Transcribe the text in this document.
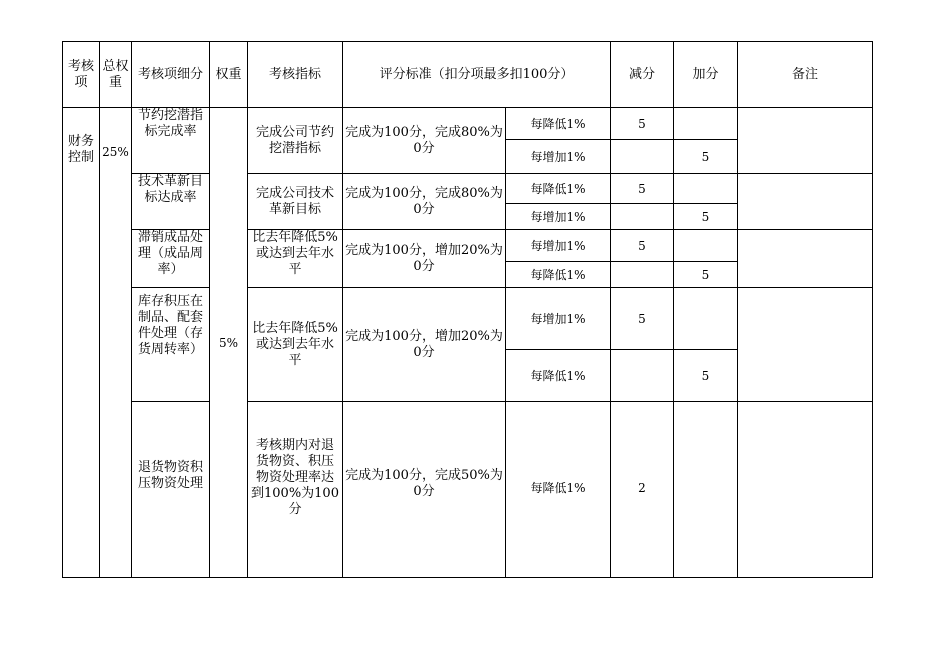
考核项	总权重	考核项细分	权重	考核指标	评分标准（扣分项最多扣100分）		减分	加分	备注
财务控制	25%	节约挖潜指标完成率	5%	完成公司节约挖潜指标	完成为100分，完成80%为0分	每降低1%	5		
						每增加1%		5	
		技术革新目标达成率		完成公司技术革新目标	完成为100分，完成80%为0分	每降低1%	5		
						每增加1%		5	
		滞销成品处理（成品周率）		比去年降低5%或达到去年水平	完成为100分，增加20%为0分	每增加1%	5		
						每降低1%		5	
		库存积压在制品、配套件处理（存货周转率）		比去年降低5%或达到去年水平	完成为100分，增加20%为0分	每增加1%	5		
						每降低1%		5	
		退货物资积压物资处理		考核期内对退货物资、积压物资处理率达到100%为100分	完成为100分，完成50%为0分	每降低1%	2		
